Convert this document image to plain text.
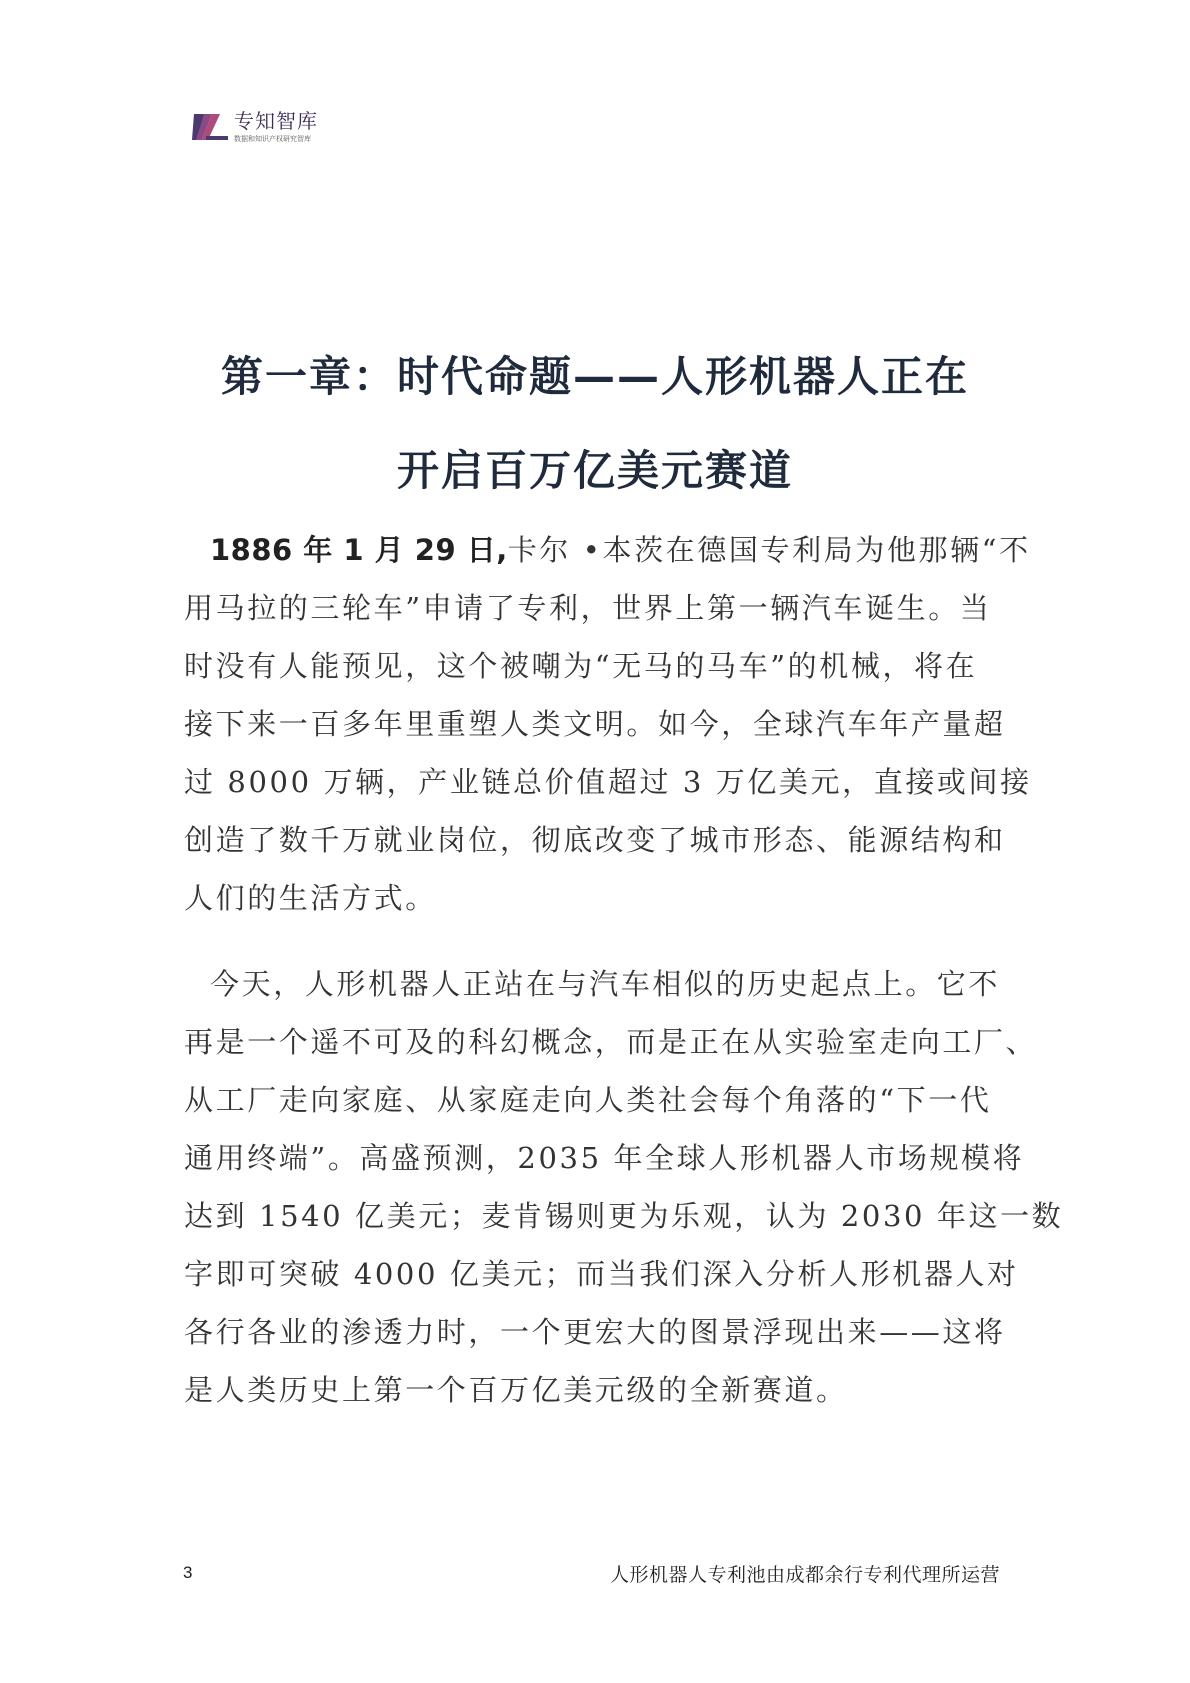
专知智库
数据和知识产权研究智库
第一章：时代命题——人形机器人正在
开启百万亿美元赛道
1886 年 1 月 29 日,卡尔 •本茨在德国专利局为他那辆“不
用马拉的三轮车”申请了专利，世界上第一辆汽车诞生。当
时没有人能预见，这个被嘲为“无马的马车”的机械，将在
接下来一百多年里重塑人类文明。如今，全球汽车年产量超
过 8000 万辆，产业链总价值超过 3 万亿美元，直接或间接
创造了数千万就业岗位，彻底改变了城市形态、能源结构和
人们的生活方式。
今天，人形机器人正站在与汽车相似的历史起点上。它不
再是一个遥不可及的科幻概念，而是正在从实验室走向工厂、
从工厂走向家庭、从家庭走向人类社会每个角落的“下一代
通用终端”。高盛预测，2035 年全球人形机器人市场规模将
达到 1540 亿美元；麦肯锡则更为乐观，认为 2030 年这一数
字即可突破 4000 亿美元；而当我们深入分析人形机器人对
各行各业的渗透力时，一个更宏大的图景浮现出来——这将
是人类历史上第一个百万亿美元级的全新赛道。
3	人形机器人专利池由成都余行专利代理所运营
